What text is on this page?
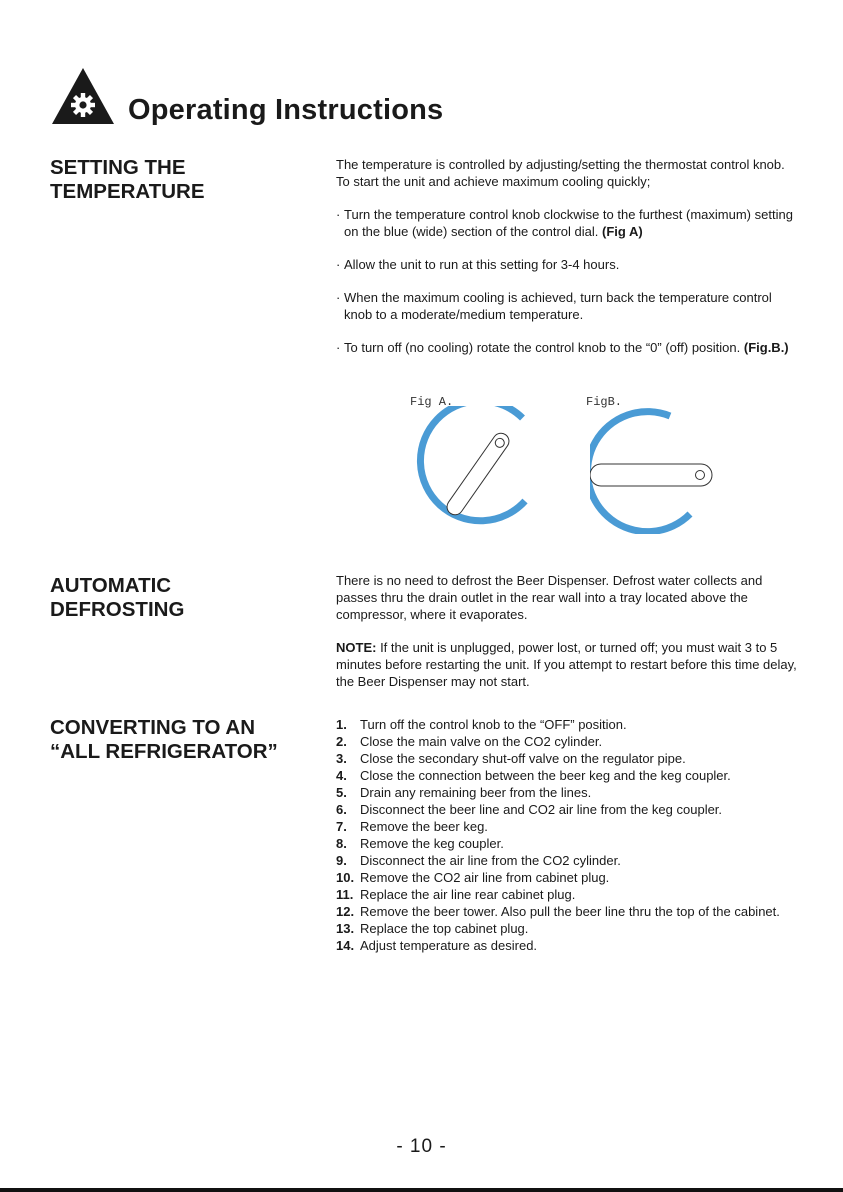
Operating Instructions
SETTING THE
TEMPERATURE

The temperature is controlled by adjusting/setting the thermostat control knob. To start the unit and achieve maximum cooling quickly;

· Turn the temperature control knob clockwise to the furthest (maximum) setting on the blue (wide) section of the control dial. (Fig A)

· Allow the unit to run at this setting for 3-4 hours.

· When the maximum cooling is achieved, turn back the temperature control knob to a moderate/medium temperature.

· To turn off (no cooling) rotate the control knob to the “0” (off) position. (Fig.B.)

Fig A.	FigB.
AUTOMATIC
DEFROSTING

There is no need to defrost the Beer Dispenser. Defrost water collects and passes thru the drain outlet in the rear wall into a tray located above the compressor, where it evaporates.

NOTE: If the unit is unplugged, power lost, or turned off; you must wait 3 to 5 minutes before restarting the unit. If you attempt to restart before this time delay, the Beer Dispenser may not start.

CONVERTING TO AN
“ALL REFRIGERATOR”
1. Turn off the control knob to the “OFF” position.
2. Close the main valve on the CO2 cylinder.
3. Close the secondary shut-off valve on the regulator pipe.
4. Close the connection between the beer keg and the keg coupler.
5. Drain any remaining beer from the lines.
6. Disconnect the beer line and CO2 air line from the keg coupler.
7. Remove the beer keg.
8. Remove the keg coupler.
9. Disconnect the air line from the CO2 cylinder.
10. Remove the CO2 air line from cabinet plug.
11. Replace the air line rear cabinet plug.
12. Remove the beer tower. Also pull the beer line thru the top of the cabinet.
13. Replace the top cabinet plug.
14. Adjust temperature as desired.
- 10 -
